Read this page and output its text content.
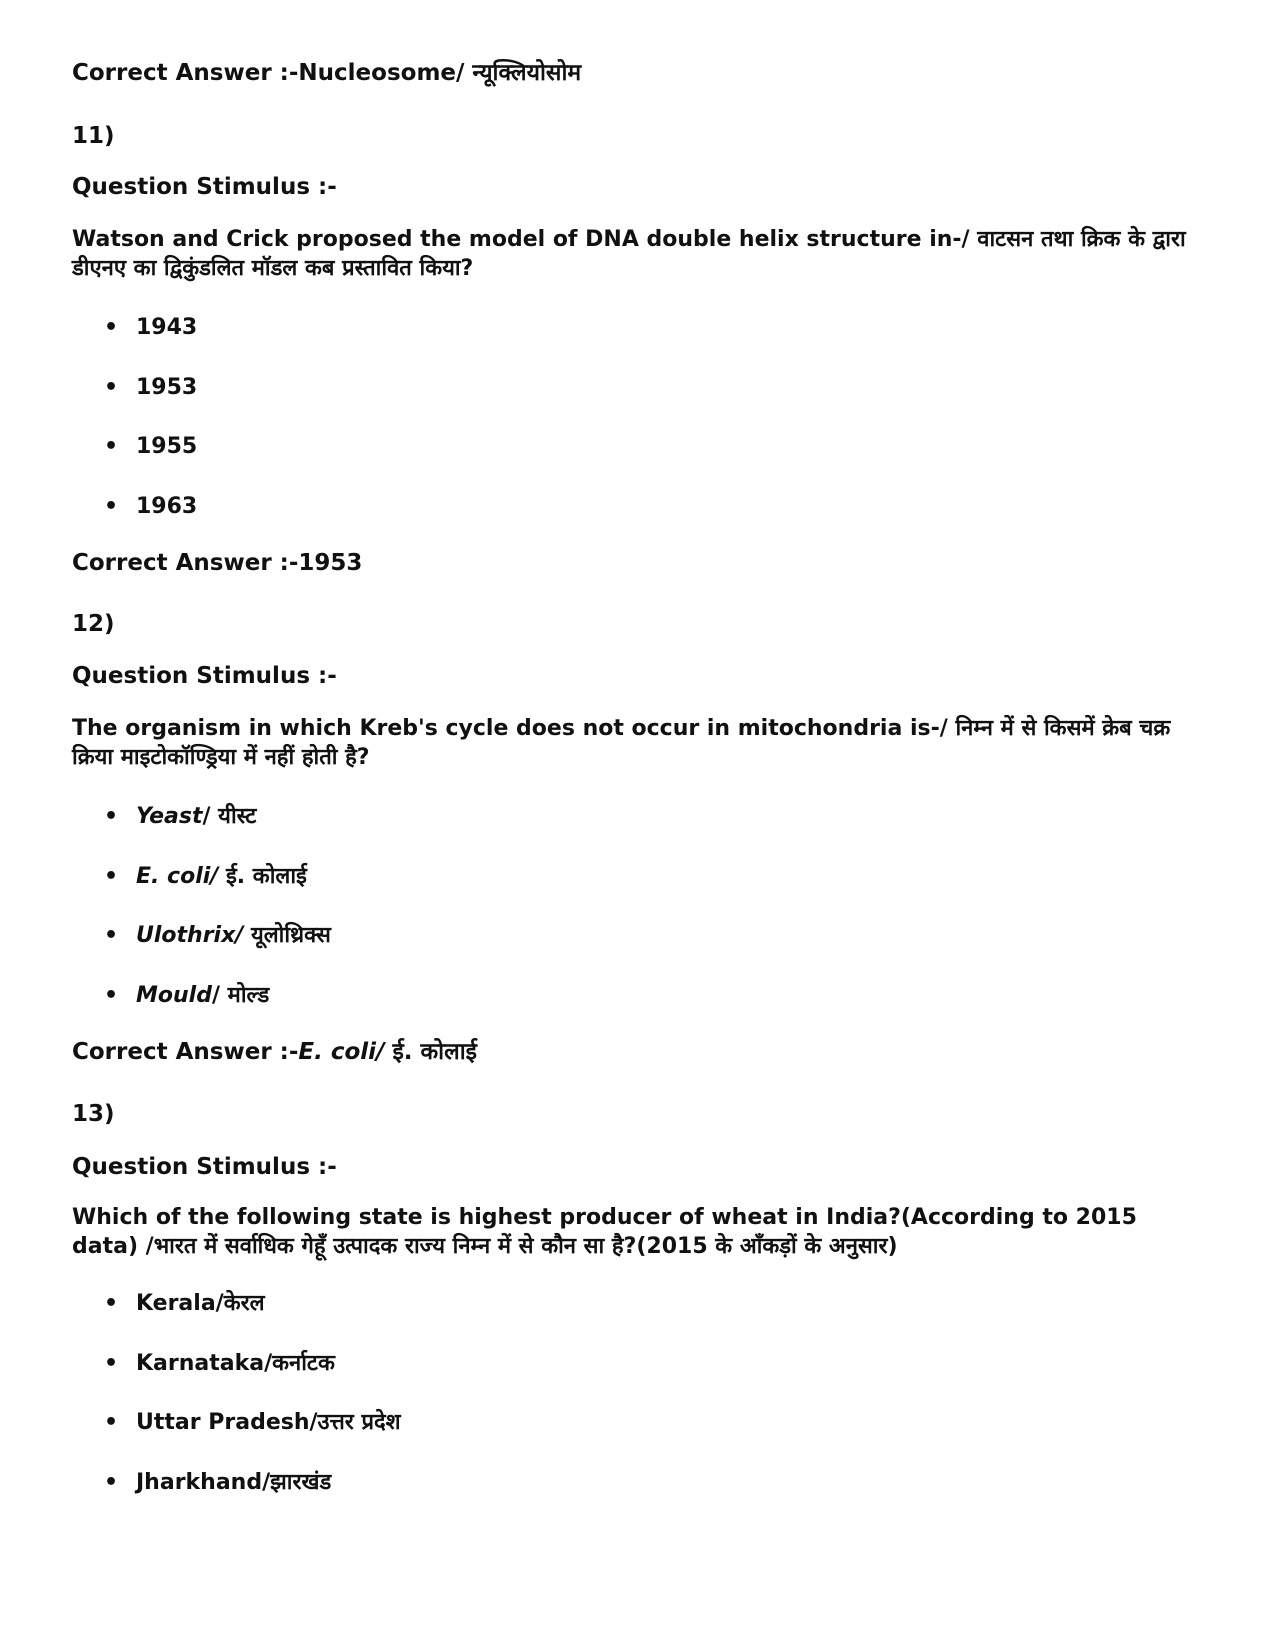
Correct Answer :-Nucleosome/ न्यूक्लियोसोम

11)

Question Stimulus :-

Watson and Crick proposed the model of DNA double helix structure in-/ वाटसन तथा क्रिक के द्वारा डीएनए का द्विकुंडलित मॉडल कब प्रस्तावित किया?

• 1943

• 1953

• 1955

• 1963

Correct Answer :-1953

12)

Question Stimulus :-

The organism in which Kreb's cycle does not occur in mitochondria is-/ निम्न में से किसमें क्रेब चक्र क्रिया माइटोकॉण्ड्रिया में नहीं होती है?

• Yeast/ यीस्ट

• E. coli/ ई. कोलाई

• Ulothrix/ यूलोथ्रिक्स

• Mould/ मोल्ड

Correct Answer :-E. coli/ ई. कोलाई

13)

Question Stimulus :-

Which of the following state is highest producer of wheat in India?(According to 2015 data) /भारत में सर्वाधिक गेहूँ उत्पादक राज्य निम्न में से कौन सा है?(2015 के आँकड़ों के अनुसार)

• Kerala/केरल

• Karnataka/कर्नाटक

• Uttar Pradesh/उत्तर प्रदेश

• Jharkhand/झारखंड
